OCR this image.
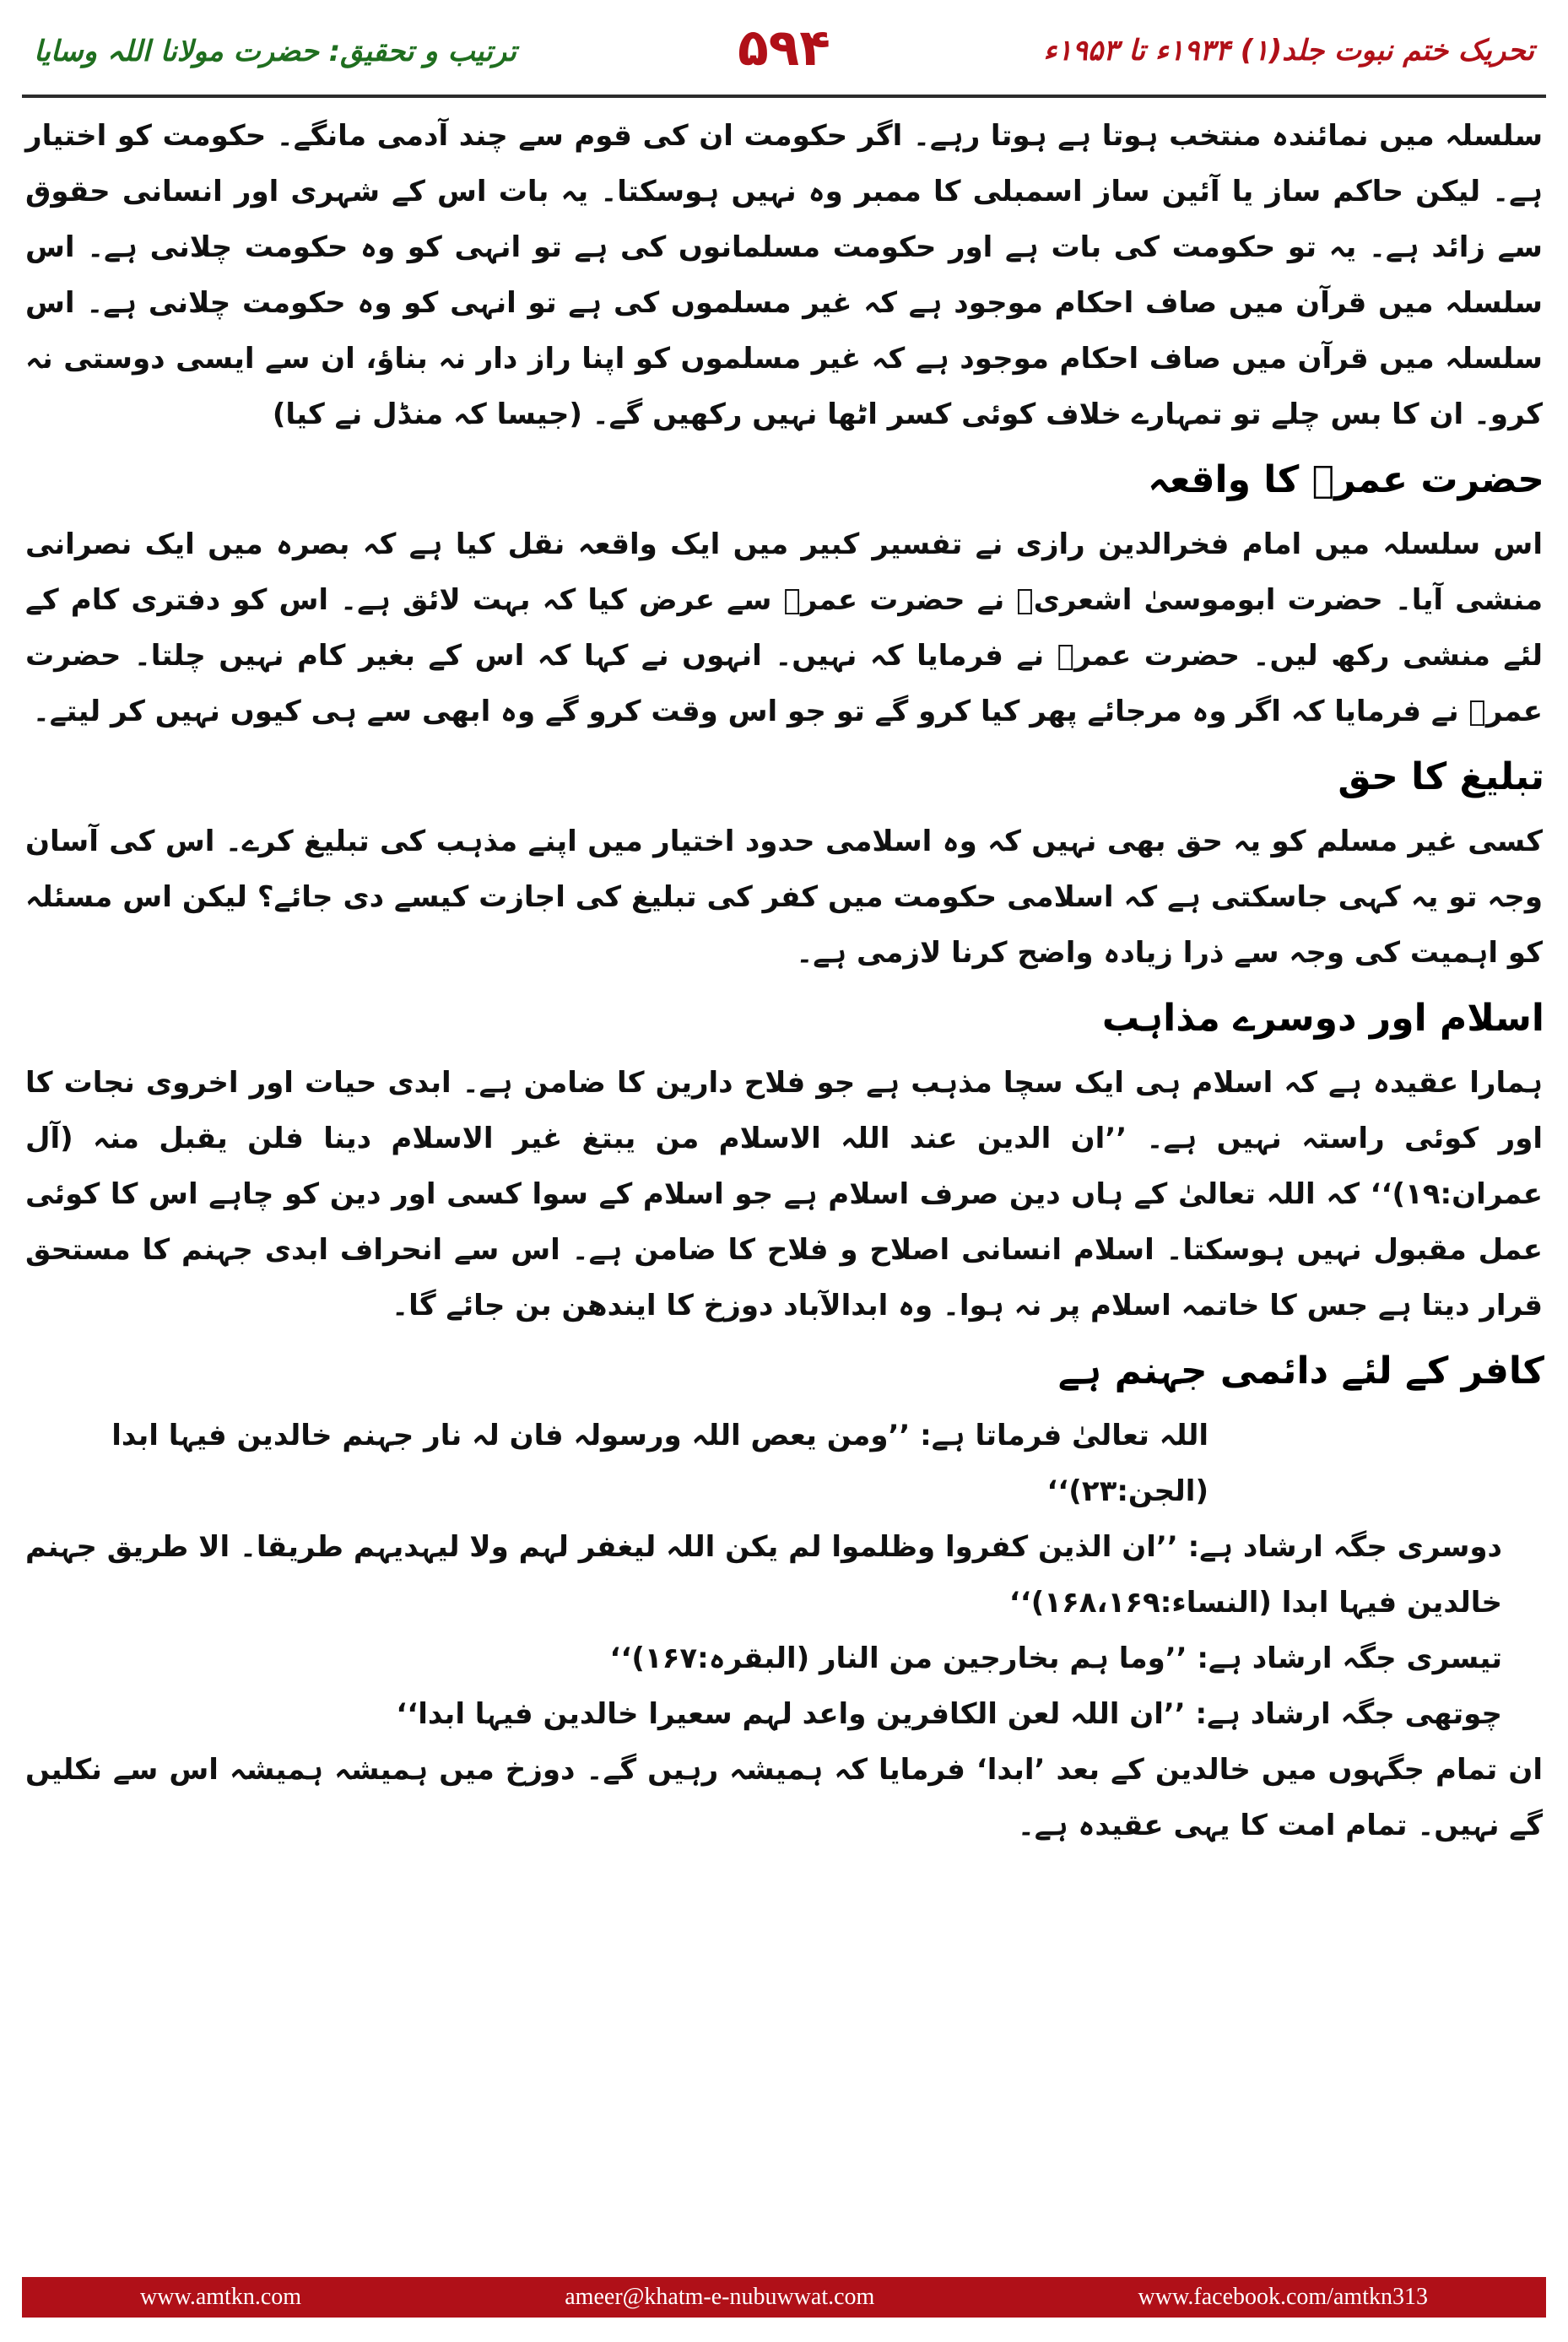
ترتیب و تحقیق: حضرت مولانا اللہ وسایا	۵۹۴	تحریک ختم نبوت جلد(۱) ۱۹۳۴ء تا ۱۹۵۳ء

سلسلہ میں نمائندہ منتخب ہوتا ہے ہوتا رہے۔ اگر حکومت ان کی قوم سے چند آدمی مانگے۔ حکومت کو اختیار ہے۔ لیکن حاکم ساز یا آئین ساز اسمبلی کا ممبر وہ نہیں ہوسکتا۔ یہ بات اس کے شہری اور انسانی حقوق سے زائد ہے۔ یہ تو حکومت کی بات ہے اور حکومت مسلمانوں کی ہے تو انہی کو وہ حکومت چلانی ہے۔ اس سلسلہ میں قرآن میں صاف احکام موجود ہے کہ غیر مسلموں کی ہے تو انہی کو وہ حکومت چلانی ہے۔ اس سلسلہ میں قرآن میں صاف احکام موجود ہے کہ غیر مسلموں کو اپنا راز دار نہ بناؤ، ان سے ایسی دوستی نہ کرو۔ ان کا بس چلے تو تمہارے خلاف کوئی کسر اٹھا نہیں رکھیں گے۔ (جیسا کہ منڈل نے کیا)

حضرت عمرؓ کا واقعہ

اس سلسلہ میں امام فخرالدین رازی نے تفسیر کبیر میں ایک واقعہ نقل کیا ہے کہ بصرہ میں ایک نصرانی منشی آیا۔ حضرت ابوموسیٰ اشعریؓ نے حضرت عمرؓ سے عرض کیا کہ بہت لائق ہے۔ اس کو دفتری کام کے لئے منشی رکھ لیں۔ حضرت عمرؓ نے فرمایا کہ نہیں۔ انہوں نے کہا کہ اس کے بغیر کام نہیں چلتا۔ حضرت عمرؓ نے فرمایا کہ اگر وہ مرجائے پھر کیا کرو گے تو جو اس وقت کرو گے وہ ابھی سے ہی کیوں نہیں کر لیتے۔

تبلیغ کا حق

کسی غیر مسلم کو یہ حق بھی نہیں کہ وہ اسلامی حدود اختیار میں اپنے مذہب کی تبلیغ کرے۔ اس کی آسان وجہ تو یہ کہی جاسکتی ہے کہ اسلامی حکومت میں کفر کی تبلیغ کی اجازت کیسے دی جائے؟ لیکن اس مسئلہ کو اہمیت کی وجہ سے ذرا زیادہ واضح کرنا لازمی ہے۔

اسلام اور دوسرے مذاہب

ہمارا عقیدہ ہے کہ اسلام ہی ایک سچا مذہب ہے جو فلاح دارین کا ضامن ہے۔ ابدی حیات اور اخروی نجات کا اور کوئی راستہ نہیں ہے۔ ’’ان الدین عند اللہ الاسلام من یبتغ غیر الاسلام دینا فلن یقبل منہ (آل عمران:۱۹)‘‘ کہ اللہ تعالیٰ کے ہاں دین صرف اسلام ہے جو اسلام کے سوا کسی اور دین کو چاہے اس کا کوئی عمل مقبول نہیں ہوسکتا۔ اسلام انسانی اصلاح و فلاح کا ضامن ہے۔ اس سے انحراف ابدی جہنم کا مستحق قرار دیتا ہے جس کا خاتمہ اسلام پر نہ ہوا۔ وہ ابدالآباد دوزخ کا ایندھن بن جائے گا۔

کافر کے لئے دائمی جہنم ہے

اللہ تعالیٰ فرماتا ہے: ’’ومن یعص اللہ ورسولہ فان لہ نار جہنم خالدین فیہا ابدا (الجن:۲۳)‘‘

دوسری جگہ ارشاد ہے: ’’ان الذین کفروا وظلموا لم یکن اللہ لیغفر لہم ولا لیہدیہم طریقا۔ الا طریق جہنم خالدین فیہا ابدا (النساء:۱۶۸،۱۶۹)‘‘

تیسری جگہ ارشاد ہے: ’’وما ہم بخارجین من النار (البقرہ:۱۶۷)‘‘

چوتھی جگہ ارشاد ہے: ’’ان اللہ لعن الکافرین واعد لہم سعیرا خالدین فیہا ابدا‘‘

ان تمام جگہوں میں خالدین کے بعد ’ابدا‘ فرمایا کہ ہمیشہ رہیں گے۔ دوزخ میں ہمیشہ ہمیشہ اس سے نکلیں گے نہیں۔ تمام امت کا یہی عقیدہ ہے۔

www.amtkn.com	ameer@khatm-e-nubuwwat.com	www.facebook.com/amtkn313
